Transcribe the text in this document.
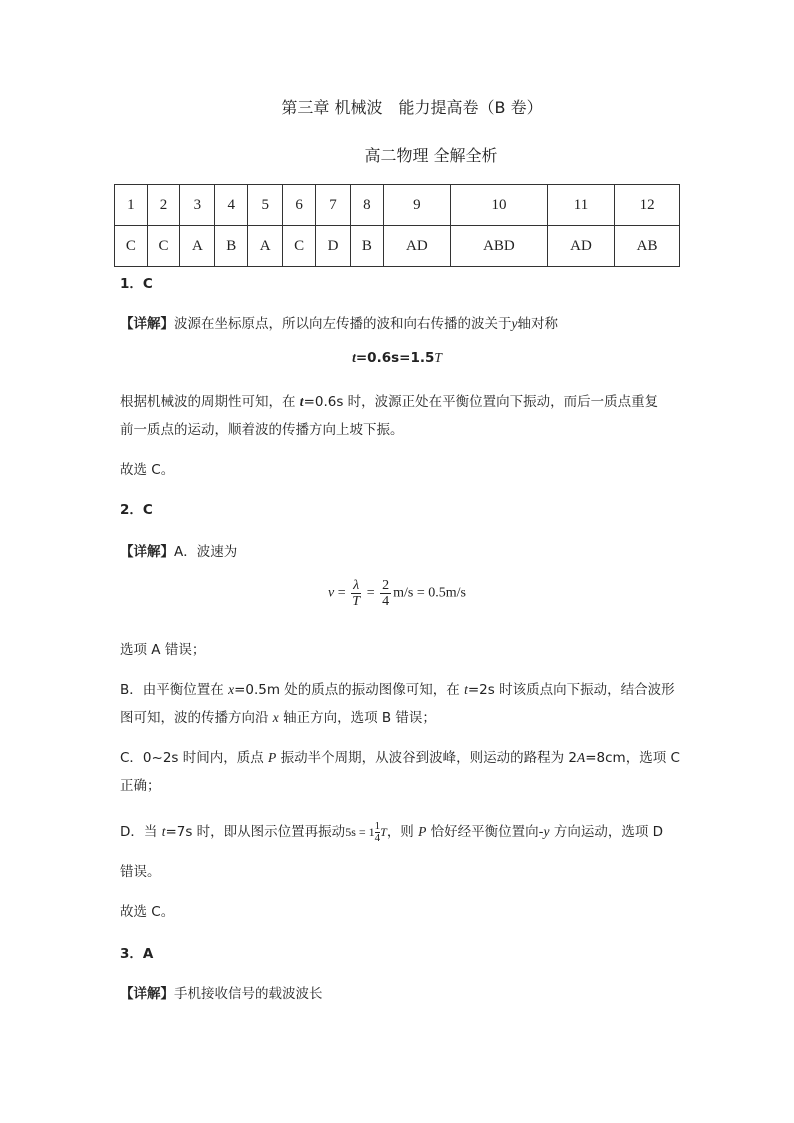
第三章 机械波　能力提高卷（B 卷）
高二物理 全解全析
1	2	3	4	5	6	7	8	9	10	11	12
C	C	A	B	A	C	D	B	AD	ABD	AD	AB
1．C
【详解】波源在坐标原点，所以向左传播的波和向右传播的波关于y轴对称
t=0.6s=1.5T
根据机械波的周期性可知，在 t=0.6s 时，波源正处在平衡位置向下振动，而后一质点重复
前一质点的运动，顺着波的传播方向上坡下振。
故选 C。
2．C
【详解】A．波速为
$v = \frac{\lambda}{T} = \frac{2}{4} m/s = 0.5m/s$
选项 A 错误；
B．由平衡位置在 x=0.5m 处的质点的振动图像可知，在 t=2s 时该质点向下振动，结合波形
图可知，波的传播方向沿 x 轴正方向，选项 B 错误；
C．0~2s 时间内，质点 P 振动半个周期，从波谷到波峰，则运动的路程为 2A=8cm，选项 C
正确；
D．当 t=7s 时，即从图示位置再振动$5s = 1 \frac{1}{4}$ T，则 P 恰好经平衡位置向-y 方向运动，选项 D
错误。
故选 C。
3．A
【详解】手机接收信号的载波波长
